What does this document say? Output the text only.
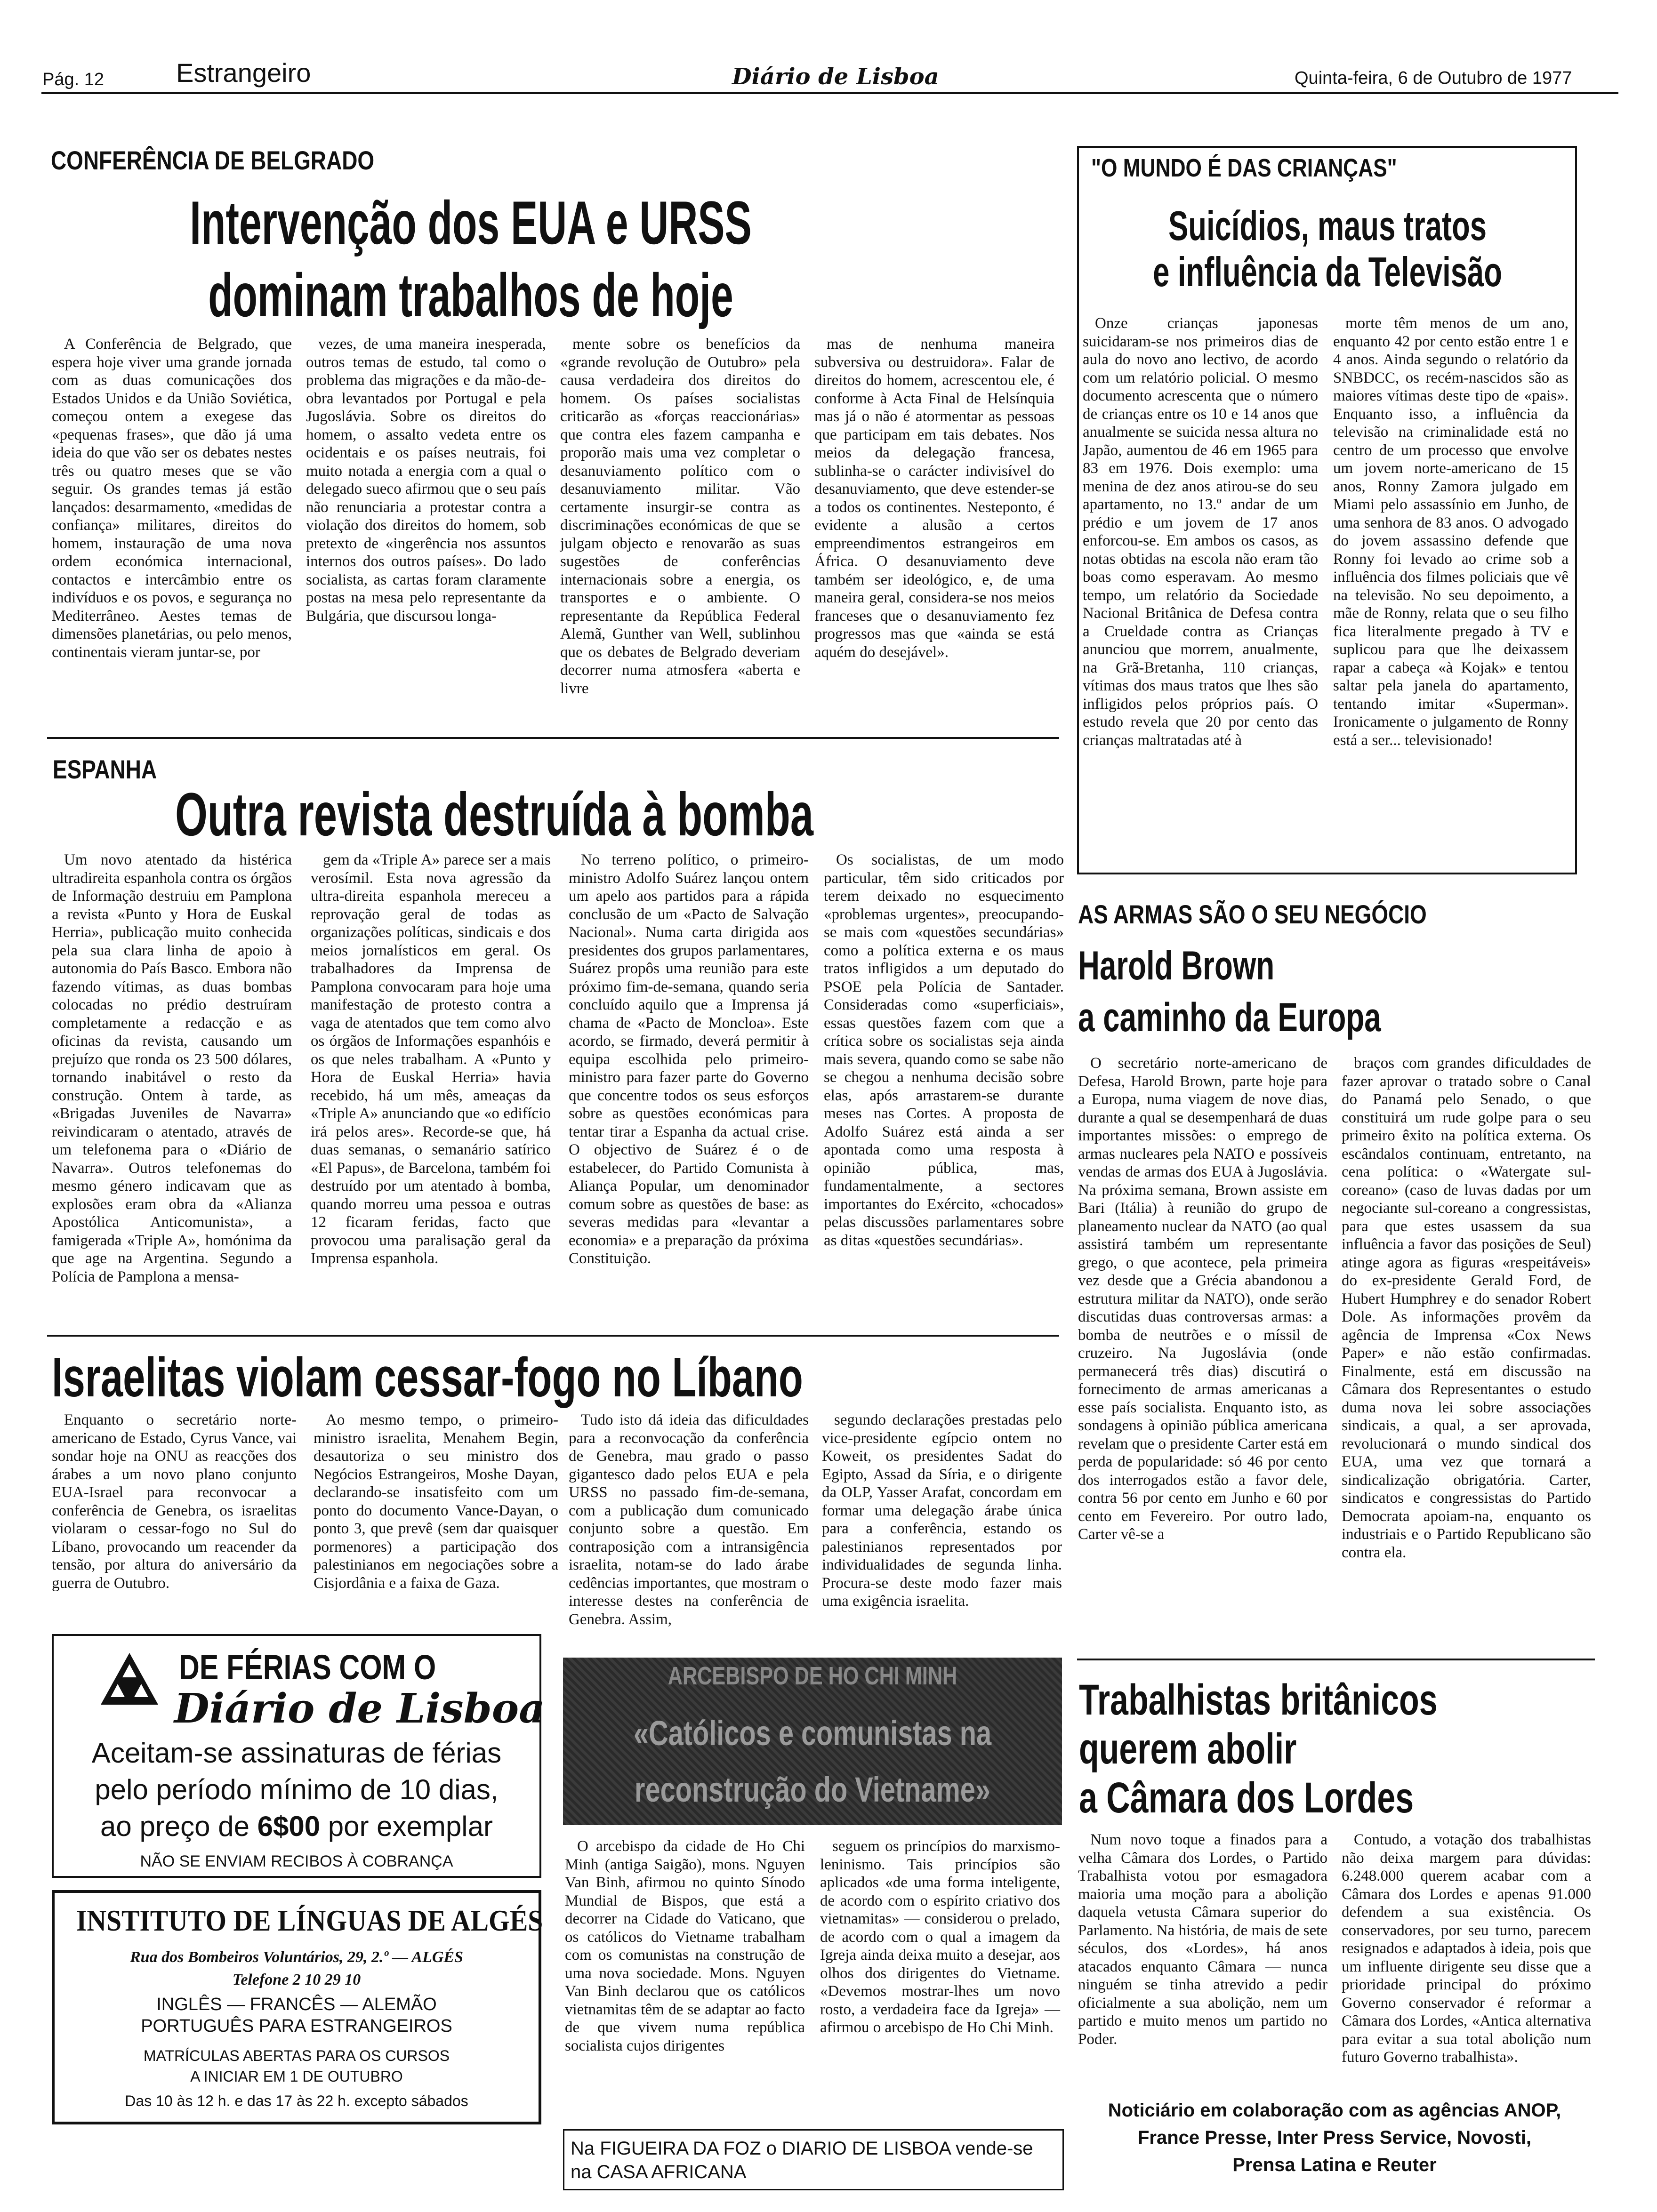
Pág. 12	Estrangeiro	Diário de Lisboa	Quinta-feira, 6 de Outubro de 1977
CONFERÊNCIA DE BELGRADO
Intervenção dos EUA e URSS
dominam trabalhos de hoje

A Conferência de Belgrado, que espera hoje viver uma grande jornada com as duas comunicações dos Estados Unidos e da União Soviética, começou ontem a exegese das «pequenas frases», que dão já uma ideia do que vão ser os debates nestes três ou quatro meses que se vão seguir. Os grandes temas já estão lançados: desarmamento, «medidas de confiança» militares, direitos do homem, instauração de uma nova ordem económica internacional, contactos e intercâmbio entre os indivíduos e os povos, e segurança no Mediterrâneo. Aestes temas de dimensões planetárias, ou pelo menos, continentais vieram juntar-se, por

vezes, de uma maneira inesperada, outros temas de estudo, tal como o problema das migrações e da mão-de-obra levantados por Portugal e pela Jugoslávia. Sobre os direitos do homem, o assalto vedeta entre os ocidentais e os países neutrais, foi muito notada a energia com a qual o delegado sueco afirmou que o seu país não renunciaria a protestar contra a violação dos direitos do homem, sob pretexto de «ingerência nos assuntos internos dos outros países». Do lado socialista, as cartas foram claramente postas na mesa pelo representante da Bulgária, que discursou longa-

mente sobre os benefícios da «grande revolução de Outubro» pela causa verdadeira dos direitos do homem. Os países socialistas criticarão as «forças reaccionárias» que contra eles fazem campanha e proporão mais uma vez completar o desanuviamento político com o desanuviamento militar. Vão certamente insurgir-se contra as discriminações económicas de que se julgam objecto e renovarão as suas sugestões de conferências internacionais sobre a energia, os transportes e o ambiente. O representante da República Federal Alemã, Gunther van Well, sublinhou que os debates de Belgrado deveriam decorrer numa atmosfera «aberta e livre

mas de nenhuma maneira subversiva ou destruidora». Falar de direitos do homem, acrescentou ele, é conforme à Acta Final de Helsínquia mas já o não é atormentar as pessoas que participam em tais debates. Nos meios da delegação francesa, sublinha-se o carácter indivisível do desanuviamento, que deve estender-se a todos os continentes. Nesteponto, é evidente a alusão a certos empreendimentos estrangeiros em África. O desanuviamento deve também ser ideológico, e, de uma maneira geral, considera-se nos meios franceses que o desanuviamento fez progressos mas que «ainda se está aquém do desejável».

"O MUNDO É DAS CRIANÇAS"
Suicídios, maus tratos
e influência da Televisão

Onze crianças japonesas suicidaram-se nos primeiros dias de aula do novo ano lectivo, de acordo com um relatório policial. O mesmo documento acrescenta que o número de crianças entre os 10 e 14 anos que anualmente se suicida nessa altura no Japão, aumentou de 46 em 1965 para 83 em 1976. Dois exemplo: uma menina de dez anos atirou-se do seu apartamento, no 13.º andar de um prédio e um jovem de 17 anos enforcou-se. Em ambos os casos, as notas obtidas na escola não eram tão boas como esperavam. Ao mesmo tempo, um relatório da Sociedade Nacional Britânica de Defesa contra a Crueldade contra as Crianças anunciou que morrem, anualmente, na Grã-Bretanha, 110 crianças, vítimas dos maus tratos que lhes são infligidos pelos próprios país. O estudo revela que 20 por cento das crianças maltratadas até à

morte têm menos de um ano, enquanto 42 por cento estão entre 1 e 4 anos. Ainda segundo o relatório da SNBDCC, os recém-nascidos são as maiores vítimas deste tipo de «pais». Enquanto isso, a influência da televisão na criminalidade está no centro de um processo que envolve um jovem norte-americano de 15 anos, Ronny Zamora julgado em Miami pelo assassínio em Junho, de uma senhora de 83 anos. O advogado do jovem assassino defende que Ronny foi levado ao crime sob a influência dos filmes policiais que vê na televisão. No seu depoimento, a mãe de Ronny, relata que o seu filho fica literalmente pregado à TV e suplicou para que lhe deixassem rapar a cabeça «à Kojak» e tentou saltar pela janela do apartamento, tentando imitar «Superman». Ironicamente o julgamento de Ronny está a ser... televisionado!

ESPANHA
Outra revista destruída à bomba

Um novo atentado da histérica ultradireita espanhola contra os órgãos de Informação destruiu em Pamplona a revista «Punto y Hora de Euskal Herria», publicação muito conhecida pela sua clara linha de apoio à autonomia do País Basco. Embora não fazendo vítimas, as duas bombas colocadas no prédio destruíram completamente a redacção e as oficinas da revista, causando um prejuízo que ronda os 23 500 dólares, tornando inabitável o resto da construção. Ontem à tarde, as «Brigadas Juveniles de Navarra» reivindicaram o atentado, através de um telefonema para o «Diário de Navarra». Outros telefonemas do mesmo género indicavam que as explosões eram obra da «Alianza Apostólica Anticomunista», a famigerada «Triple A», homónima da que age na Argentina. Segundo a Polícia de Pamplona a mensa-

gem da «Triple A» parece ser a mais verosímil. Esta nova agressão da ultra-direita espanhola mereceu a reprovação geral de todas as organizações políticas, sindicais e dos meios jornalísticos em geral. Os trabalhadores da Imprensa de Pamplona convocaram para hoje uma manifestação de protesto contra a vaga de atentados que tem como alvo os órgãos de Informações espanhóis e os que neles trabalham. A «Punto y Hora de Euskal Herria» havia recebido, há um mês, ameaças da «Triple A» anunciando que «o edifício irá pelos ares». Recorde-se que, há duas semanas, o semanário satírico «El Papus», de Barcelona, também foi destruído por um atentado à bomba, quando morreu uma pessoa e outras 12 ficaram feridas, facto que provocou uma paralisação geral da Imprensa espanhola.

No terreno político, o primeiro-ministro Adolfo Suárez lançou ontem um apelo aos partidos para a rápida conclusão de um «Pacto de Salvação Nacional». Numa carta dirigida aos presidentes dos grupos parlamentares, Suárez propôs uma reunião para este próximo fim-de-semana, quando seria concluído aquilo que a Imprensa já chama de «Pacto de Moncloa». Este acordo, se firmado, deverá permitir à equipa escolhida pelo primeiro-ministro para fazer parte do Governo que concentre todos os seus esforços sobre as questões económicas para tentar tirar a Espanha da actual crise. O objectivo de Suárez é o de estabelecer, do Partido Comunista à Aliança Popular, um denominador comum sobre as questões de base: as severas medidas para «levantar a economia» e a preparação da próxima Constituição.

Os socialistas, de um modo particular, têm sido criticados por terem deixado no esquecimento «problemas urgentes», preocupando-se mais com «questões secundárias» como a política externa e os maus tratos infligidos a um deputado do PSOE pela Polícia de Santader. Consideradas como «superficiais», essas questões fazem com que a crítica sobre os socialistas seja ainda mais severa, quando como se sabe não se chegou a nenhuma decisão sobre elas, após arrastarem-se durante meses nas Cortes. A proposta de Adolfo Suárez está ainda a ser apontada como uma resposta à opinião pública, mas, fundamentalmente, a sectores importantes do Exército, «chocados» pelas discussões parlamentares sobre as ditas «questões secundárias».

AS ARMAS SÃO O SEU NEGÓCIO
Harold Brown
a caminho da Europa

O secretário norte-americano de Defesa, Harold Brown, parte hoje para a Europa, numa viagem de nove dias, durante a qual se desempenhará de duas importantes missões: o emprego de armas nucleares pela NATO e possíveis vendas de armas dos EUA à Jugoslávia. Na próxima semana, Brown assiste em Bari (Itália) à reunião do grupo de planeamento nuclear da NATO (ao qual assistirá também um representante grego, o que acontece, pela primeira vez desde que a Grécia abandonou a estrutura militar da NATO), onde serão discutidas duas controversas armas: a bomba de neutrões e o míssil de cruzeiro. Na Jugoslávia (onde permanecerá três dias) discutirá o fornecimento de armas americanas a esse país socialista. Enquanto isto, as sondagens à opinião pública americana revelam que o presidente Carter está em perda de popularidade: só 46 por cento dos interrogados estão a favor dele, contra 56 por cento em Junho e 60 por cento em Fevereiro. Por outro lado, Carter vê-se a

braços com grandes dificuldades de fazer aprovar o tratado sobre o Canal do Panamá pelo Senado, o que constituirá um rude golpe para o seu primeiro êxito na política externa. Os escândalos continuam, entretanto, na cena política: o «Watergate sul-coreano» (caso de luvas dadas por um negociante sul-coreano a congressistas, para que estes usassem da sua influência a favor das posições de Seul) atinge agora as figuras «respeitáveis» do ex-presidente Gerald Ford, de Hubert Humphrey e do senador Robert Dole. As informações provêm da agência de Imprensa «Cox News Paper» e não estão confirmadas. Finalmente, está em discussão na Câmara dos Representantes o estudo duma nova lei sobre associações sindicais, a qual, a ser aprovada, revolucionará o mundo sindical dos EUA, uma vez que tornará a sindicalização obrigatória. Carter, sindicatos e congressistas do Partido Democrata apoiam-na, enquanto os industriais e o Partido Republicano são contra ela.

Israelitas violam cessar-fogo no Líbano

Enquanto o secretário norte-americano de Estado, Cyrus Vance, vai sondar hoje na ONU as reacções dos árabes a um novo plano conjunto EUA-Israel para reconvocar a conferência de Genebra, os israelitas violaram o cessar-fogo no Sul do Líbano, provocando um reacender da tensão, por altura do aniversário da guerra de Outubro.

Ao mesmo tempo, o primeiro-ministro israelita, Menahem Begin, desautoriza o seu ministro dos Negócios Estrangeiros, Moshe Dayan, declarando-se insatisfeito com um ponto do documento Vance-Dayan, o ponto 3, que prevê (sem dar quaisquer pormenores) a participação dos palestinianos em negociações sobre a Cisjordânia e a faixa de Gaza.

Tudo isto dá ideia das dificuldades para a reconvocação da conferência de Genebra, mau grado o passo gigantesco dado pelos EUA e pela URSS no passado fim-de-semana, com a publicação dum comunicado conjunto sobre a questão. Em contraposição com a intransigência israelita, notam-se do lado árabe cedências importantes, que mostram o interesse destes na conferência de Genebra. Assim,

segundo declarações prestadas pelo vice-presidente egípcio ontem no Koweit, os presidentes Sadat do Egipto, Assad da Síria, e o dirigente da OLP, Yasser Arafat, concordam em formar uma delegação árabe única para a conferência, estando os palestinianos representados por individualidades de segunda linha. Procura-se deste modo fazer mais uma exigência israelita.

DE FÉRIAS COM O
Diário de Lisboa
Aceitam-se assinaturas de férias
pelo período mínimo de 10 dias,
ao preço de 6$00 por exemplar
NÃO SE ENVIAM RECIBOS À COBRANÇA
INSTITUTO DE LÍNGUAS DE ALGÉS
Rua dos Bombeiros Voluntários, 29, 2.º — ALGÉS
Telefone 2 10 29 10
INGLÊS — FRANCÊS — ALEMÃO
PORTUGUÊS PARA ESTRANGEIROS
MATRÍCULAS ABERTAS PARA OS CURSOS
A INICIAR EM 1 DE OUTUBRO
Das 10 às 12 h. e das 17 às 22 h. excepto sábados
ARCEBISPO DE HO CHI MINH
«Católicos e comunistas na
reconstrução do Vietname»

O arcebispo da cidade de Ho Chi Minh (antiga Saigão), mons. Nguyen Van Binh, afirmou no quinto Sínodo Mundial de Bispos, que está a decorrer na Cidade do Vaticano, que os católicos do Vietname trabalham com os comunistas na construção de uma nova sociedade. Mons. Nguyen Van Binh declarou que os católicos vietnamitas têm de se adaptar ao facto de que vivem numa república socialista cujos dirigentes

seguem os princípios do marxismo-leninismo. Tais princípios são aplicados «de uma forma inteligente, de acordo com o espírito criativo dos vietnamitas» — considerou o prelado, de acordo com o qual a imagem da Igreja ainda deixa muito a desejar, aos olhos dos dirigentes do Vietname. «Devemos mostrar-lhes um novo rosto, a verdadeira face da Igreja» — afirmou o arcebispo de Ho Chi Minh.

Na FIGUEIRA DA FOZ o DIARIO DE LISBOA vende-se na CASA AFRICANA
Trabalhistas britânicos
querem abolir
a Câmara dos Lordes

Num novo toque a finados para a velha Câmara dos Lordes, o Partido Trabalhista votou por esmagadora maioria uma moção para a abolição daquela vetusta Câmara superior do Parlamento. Na história, de mais de sete séculos, dos «Lordes», há anos atacados enquanto Câmara — nunca ninguém se tinha atrevido a pedir oficialmente a sua abolição, nem um partido e muito menos um partido no Poder.

Contudo, a votação dos trabalhistas não deixa margem para dúvidas: 6.248.000 querem acabar com a Câmara dos Lordes e apenas 91.000 defendem a sua existência. Os conservadores, por seu turno, parecem resignados e adaptados à ideia, pois que um influente dirigente seu disse que a prioridade principal do próximo Governo conservador é reformar a Câmara dos Lordes, «Antica alternativa para evitar a sua total abolição num futuro Governo trabalhista».

Noticiário em colaboração com as agências ANOP,
France Presse, Inter Press Service, Novosti,
Prensa Latina e Reuter
